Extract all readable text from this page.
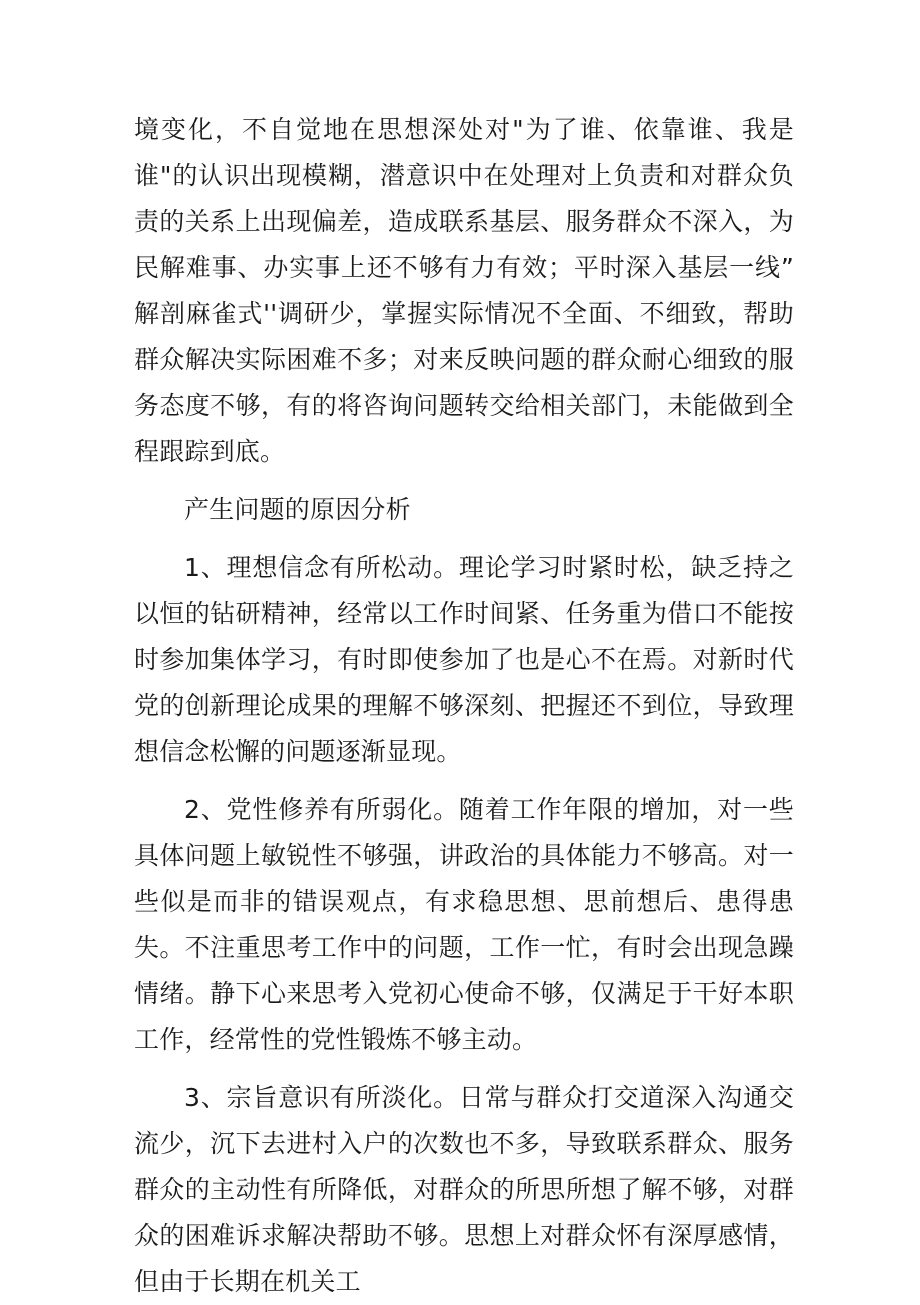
境变化，不自觉地在思想深处对"为了谁、依靠谁、我是谁"的认识出现模糊，潜意识中在处理对上负责和对群众负责的关系上出现偏差，造成联系基层、服务群众不深入，为民解难事、办实事上还不够有力有效；平时深入基层一线” 解剖麻雀式''调研少，掌握实际情况不全面、不细致，帮助群众解决实际困难不多；对来反映问题的群众耐心细致的服务态度不够，有的将咨询问题转交给相关部门，未能做到全程跟踪到底。

产生问题的原因分析

1、理想信念有所松动。理论学习时紧时松，缺乏持之以恒的钻研精神，经常以工作时间紧、任务重为借口不能按时参加集体学习，有时即使参加了也是心不在焉。对新时代党的创新理论成果的理解不够深刻、把握还不到位，导致理想信念松懈的问题逐渐显现。

2、党性修养有所弱化。随着工作年限的增加，对一些具体问题上敏锐性不够强，讲政治的具体能力不够高。对一些似是而非的错误观点，有求稳思想、思前想后、患得患失。不注重思考工作中的问题，工作一忙，有时会出现急躁情绪。静下心来思考入党初心使命不够，仅满足于干好本职工作，经常性的党性锻炼不够主动。

3、宗旨意识有所淡化。日常与群众打交道深入沟通交流少，沉下去进村入户的次数也不多，导致联系群众、服务群众的主动性有所降低，对群众的所思所想了解不够，对群众的困难诉求解决帮助不够。思想上对群众怀有深厚感情，但由于长期在机关工
